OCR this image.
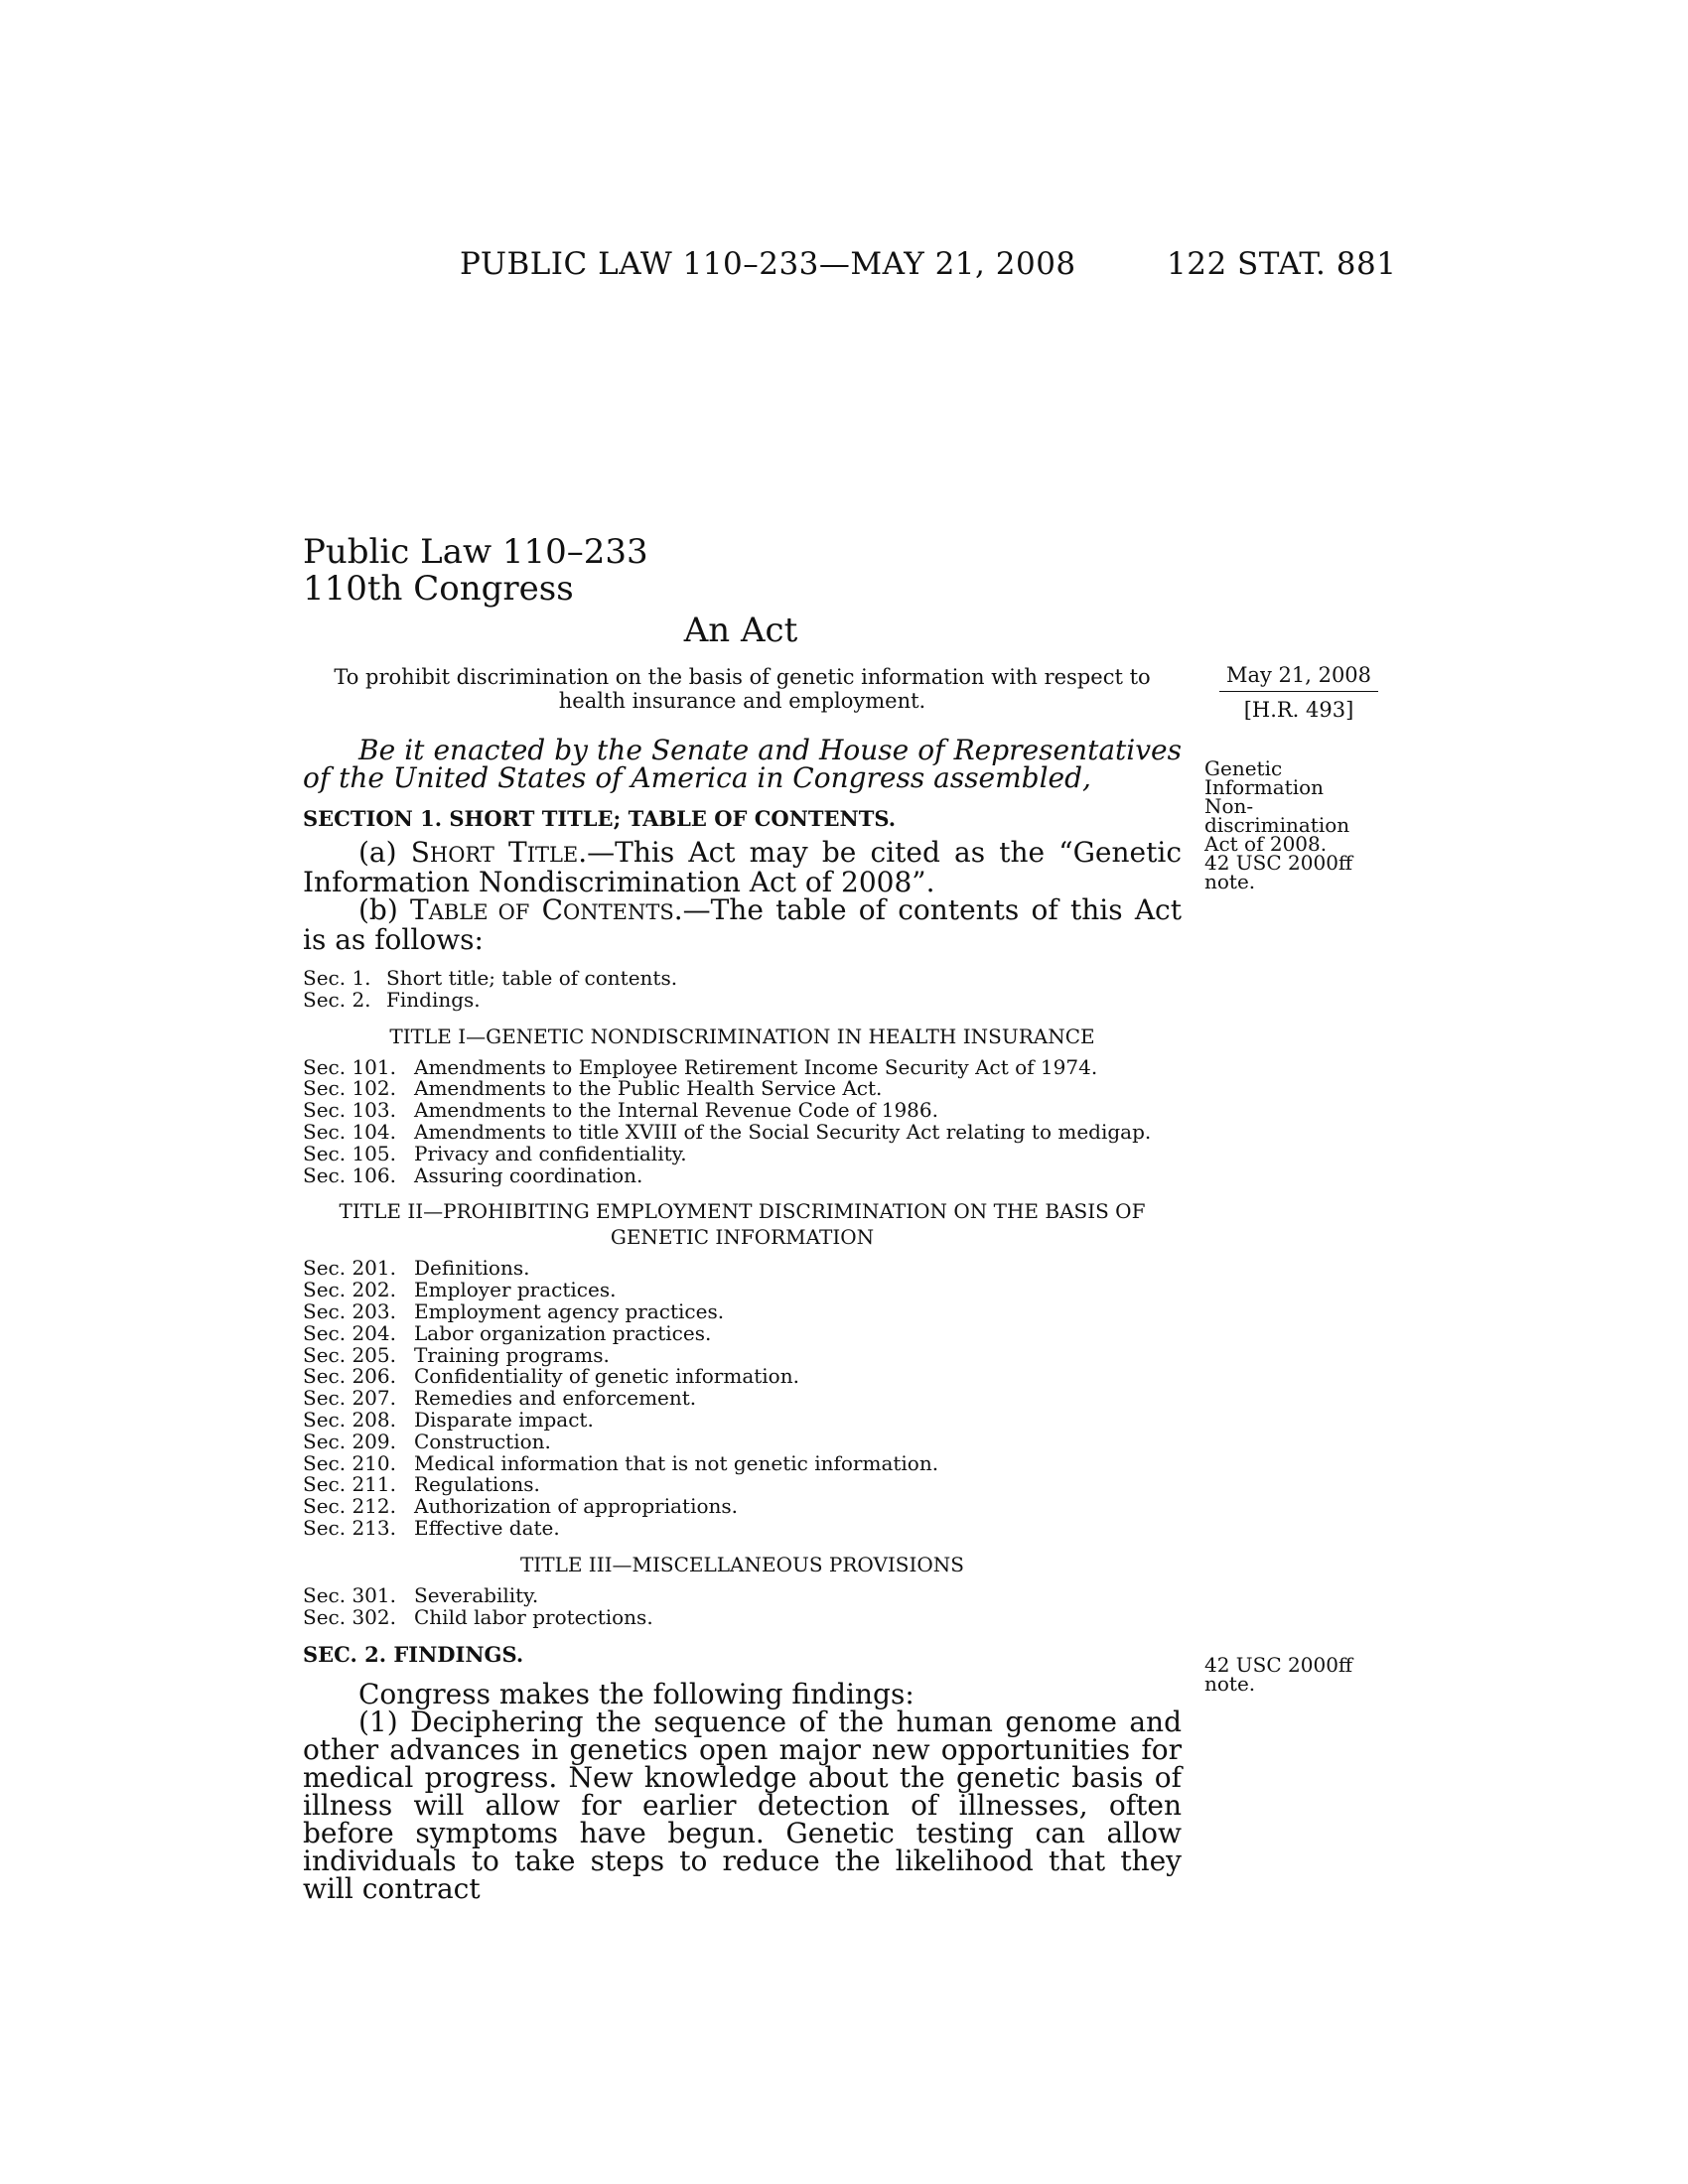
PUBLIC LAW 110–233—MAY 21, 2008	122 STAT. 881
Public Law 110–233
110th Congress
An Act
To prohibit discrimination on the basis of genetic information with respect to health insurance and employment.
May 21, 2008
[H.R. 493]

Be it enacted by the Senate and House of Representatives of the United States of America in Congress assembled,

SECTION 1. SHORT TITLE; TABLE OF CONTENTS.

(a) SHORT TITLE.—This Act may be cited as the “Genetic Information Nondiscrimination Act of 2008”.

(b) TABLE OF CONTENTS.—The table of contents of this Act is as follows:

Sec. 1. Short title; table of contents.
Sec. 2. Findings.
TITLE I—GENETIC NONDISCRIMINATION IN HEALTH INSURANCE
Sec. 101. Amendments to Employee Retirement Income Security Act of 1974.
Sec. 102. Amendments to the Public Health Service Act.
Sec. 103. Amendments to the Internal Revenue Code of 1986.
Sec. 104. Amendments to title XVIII of the Social Security Act relating to medigap.
Sec. 105. Privacy and confidentiality.
Sec. 106. Assuring coordination.
TITLE II—PROHIBITING EMPLOYMENT DISCRIMINATION ON THE BASIS OF
GENETIC INFORMATION
Sec. 201. Definitions.
Sec. 202. Employer practices.
Sec. 203. Employment agency practices.
Sec. 204. Labor organization practices.
Sec. 205. Training programs.
Sec. 206. Confidentiality of genetic information.
Sec. 207. Remedies and enforcement.
Sec. 208. Disparate impact.
Sec. 209. Construction.
Sec. 210. Medical information that is not genetic information.
Sec. 211. Regulations.
Sec. 212. Authorization of appropriations.
Sec. 213. Effective date.
TITLE III—MISCELLANEOUS PROVISIONS
Sec. 301. Severability.
Sec. 302. Child labor protections.
SEC. 2. FINDINGS.

Congress makes the following findings:

(1) Deciphering the sequence of the human genome and other advances in genetics open major new opportunities for medical progress. New knowledge about the genetic basis of illness will allow for earlier detection of illnesses, often before symptoms have begun. Genetic testing can allow individuals to take steps to reduce the likelihood that they will contract

Genetic
Information
Non-
discrimination
Act of 2008.
42 USC 2000ff
note.
42 USC 2000ff
note.
